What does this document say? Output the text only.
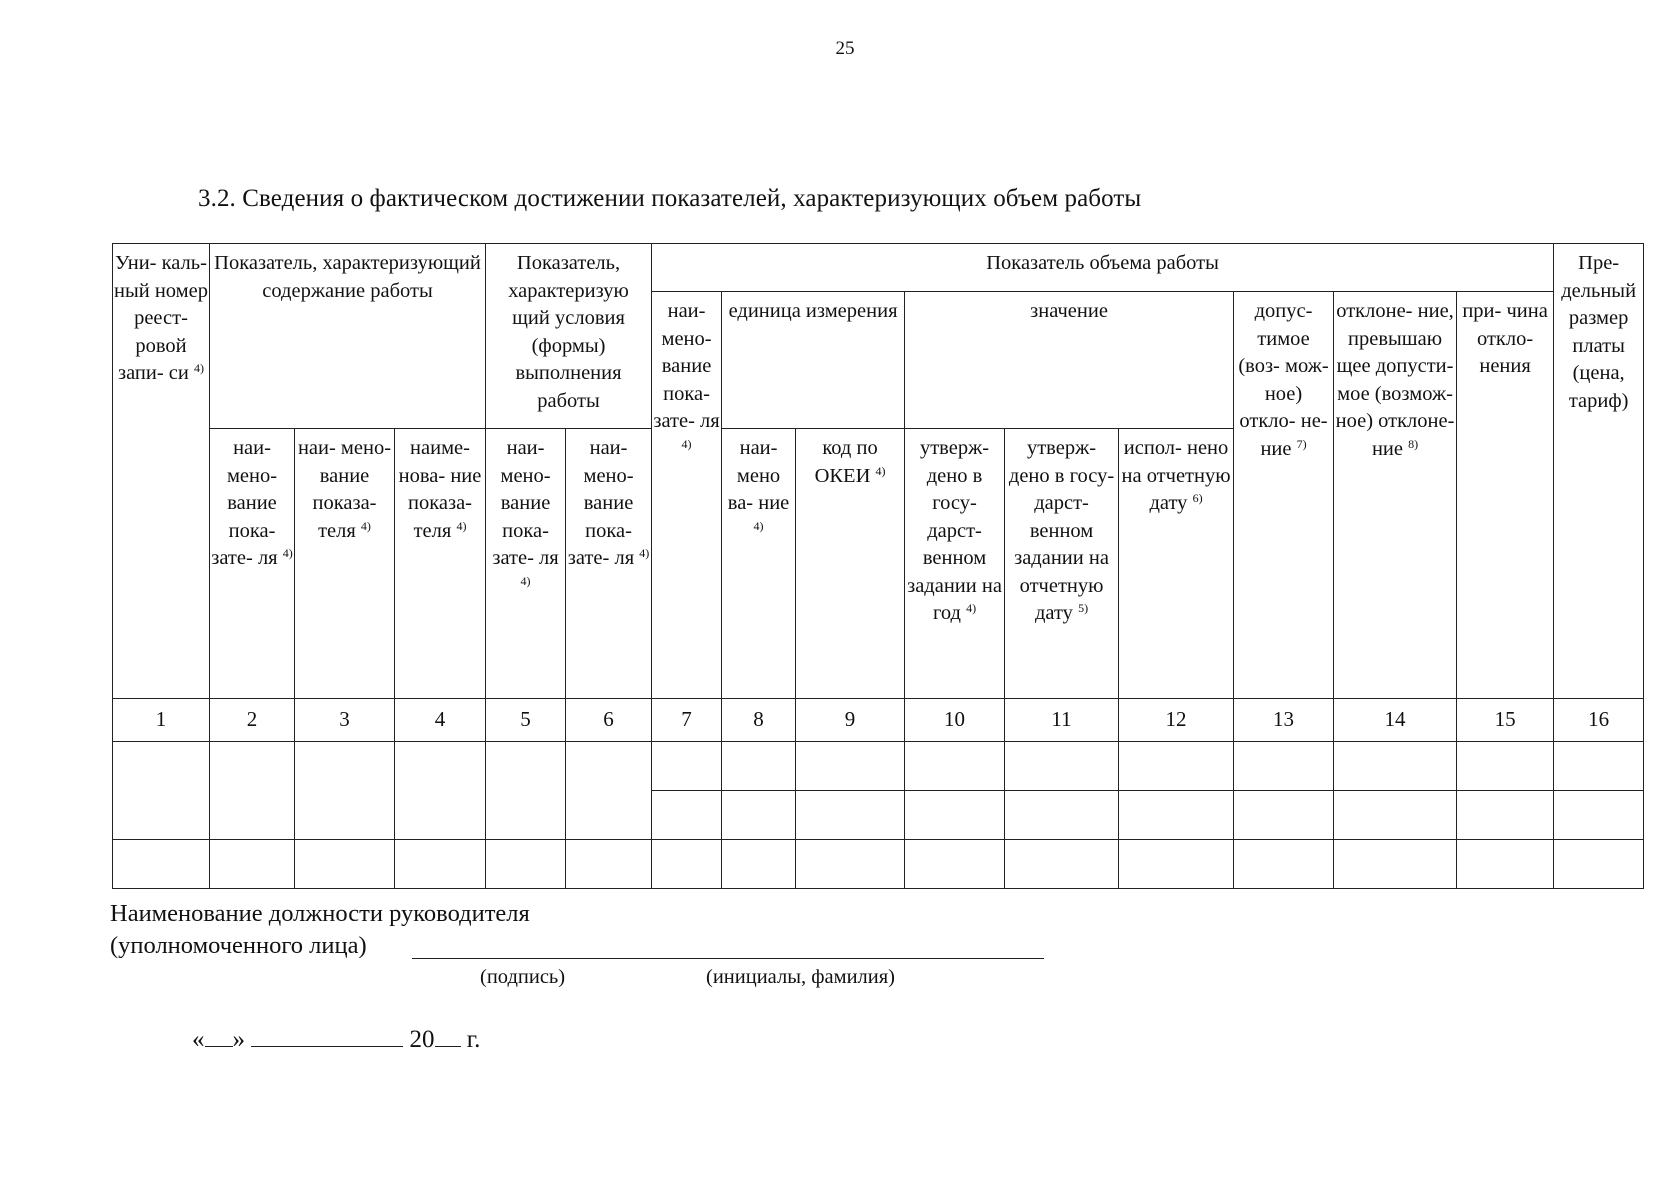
25
3.2. Сведения о фактическом достижении показателей, характеризующих объем работы
Уни- каль- ный номер реест- ровой запи- си $^{4)}$	Показатель, характеризующий содержание работы			Показатель, характеризую щий условия (формы) выполнения работы		Показатель объема работы									Пре- дельный размер платы (цена, тариф)
						наи- мено- вание пока- зате- ля $^{4)}$	единица измерения		значение			допус- тимое (воз- мож- ное) откло- не- ние $^{7)}$	отклоне- ние, превышаю щее допусти- мое (возмож- ное) отклоне- ние $^{8)}$	при- чина откло- нения	
	наи- мено- вание пока- зате- ля $^{4)}$	наи- мено- вание показа- теля $^{4)}$	наиме- нова- ние показа- теля $^{4)}$	наи- мено- вание пока- зате- ля $^{4)}$	наи- мено- вание пока- зате- ля $^{4)}$		наи- мено ва- ние $^{4)}$	код по ОКЕИ $^{4)}$	утверж- дено в госу- дарст- венном задании на год $^{4)}$	утверж- дено в госу- дарст- венном задании на отчетную дату $^{5)}$	испол- нено на отчетную дату $^{6)}$
1	2	3	4	5	6	7	8	9	10	11	12	13	14	15	16

Наименование должности руководителя
(уполномоченного лица)
(подпись)	(инициалы, фамилия)
« »	20 г.
